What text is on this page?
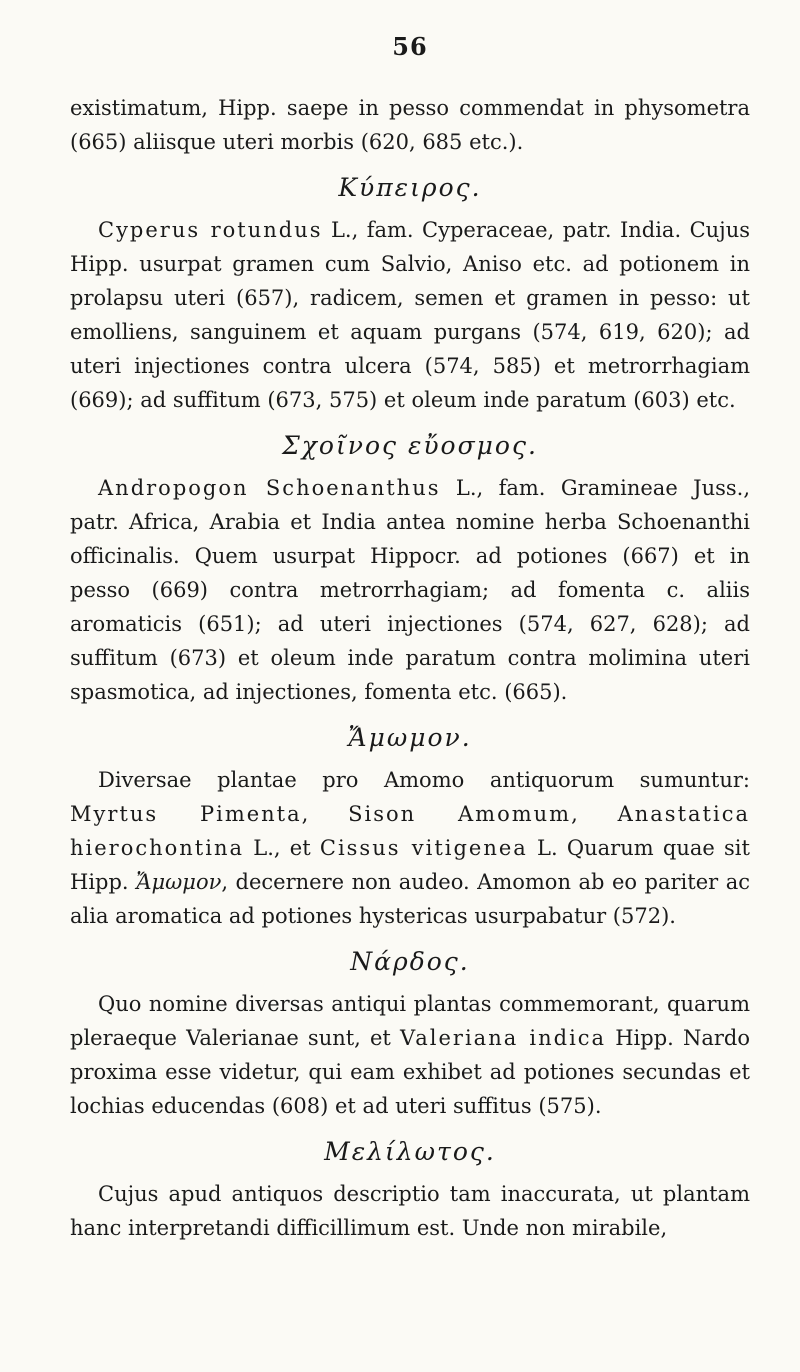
56

existimatum, Hipp. saepe in pesso commendat in physometra (665) aliisque uteri morbis (620, 685 etc.).

Κύπειρος.

Cyperus rotundus L., fam. Cyperaceae, patr. India. Cujus Hipp. usurpat gramen cum Salvio, Aniso etc. ad potionem in prolapsu uteri (657), radicem, semen et gramen in pesso: ut emolliens, sanguinem et aquam purgans (574, 619, 620); ad uteri injectiones contra ulcera (574, 585) et metrorrhagiam (669); ad suffitum (673, 575) et oleum inde paratum (603) etc.

Σχοῖνος εὔοσμος.

Andropogon Schoenanthus L., fam. Gramineae Juss., patr. Africa, Arabia et India antea nomine herba Schoenanthi officinalis. Quem usurpat Hippocr. ad potiones (667) et in pesso (669) contra metrorrhagiam; ad fomenta c. aliis aromaticis (651); ad uteri injectiones (574, 627, 628); ad suffitum (673) et oleum inde paratum contra molimina uteri spasmotica, ad injectiones, fomenta etc. (665).

Ἄμωμον.

Diversae plantae pro Amomo antiquorum sumuntur: Myrtus Pimenta, Sison Amomum, Anastatica hierochontina L., et Cissus vitigenea L. Quarum quae sit Hipp. Ἄμωμον, decernere non audeo. Amomon ab eo pariter ac alia aromatica ad potiones hystericas usurpabatur (572).

Νάρδος.

Quo nomine diversas antiqui plantas commemorant, quarum pleraeque Valerianae sunt, et Valeriana indica Hipp. Nardo proxima esse videtur, qui eam exhibet ad potiones secundas et lochias educendas (608) et ad uteri suffitus (575).

Μελίλωτος.

Cujus apud antiquos descriptio tam inaccurata, ut plantam hanc interpretandi difficillimum est. Unde non mirabile,
